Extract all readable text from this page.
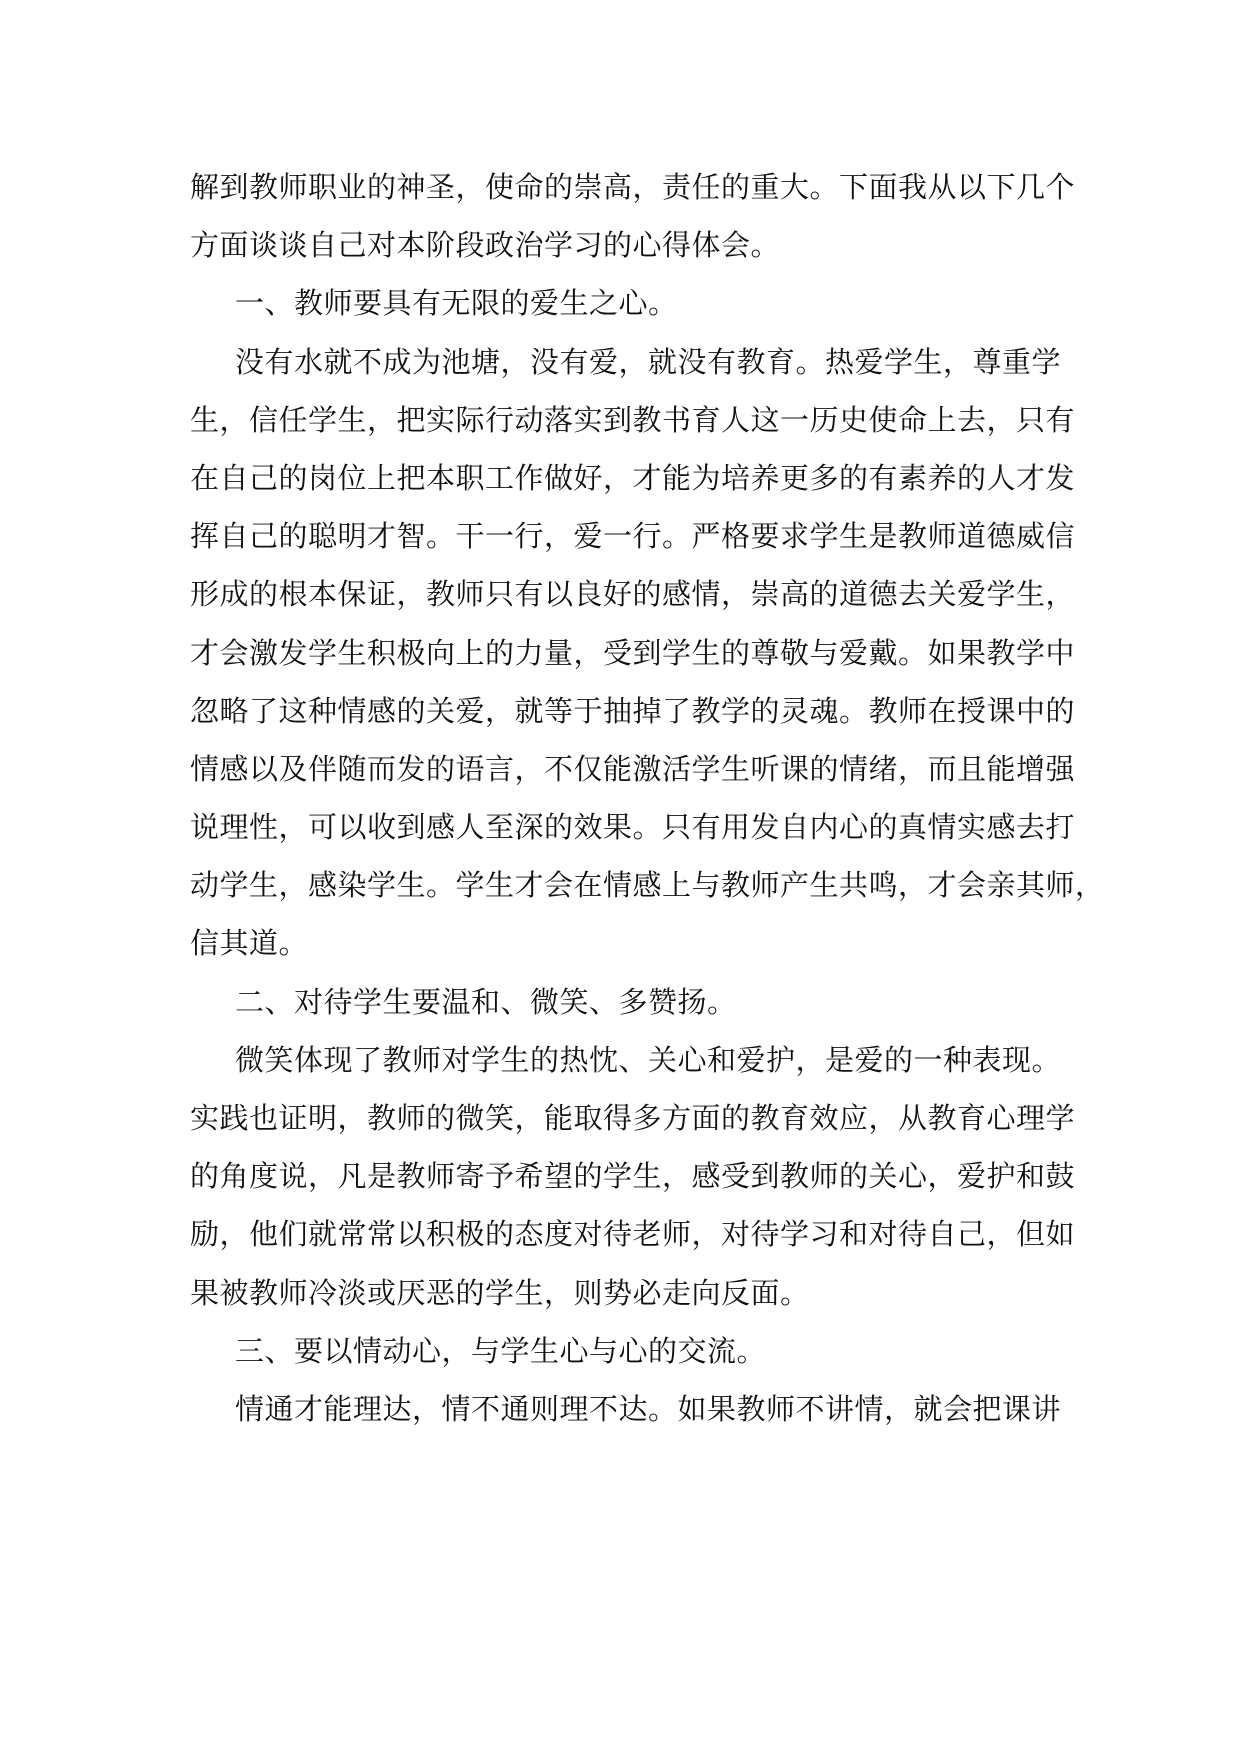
解到教师职业的神圣，使命的崇高，责任的重大。下面我从以下几个
方面谈谈自己对本阶段政治学习的心得体会。
一、教师要具有无限的爱生之心。
没有水就不成为池塘，没有爱，就没有教育。热爱学生，尊重学
生，信任学生，把实际行动落实到教书育人这一历史使命上去，只有
在自己的岗位上把本职工作做好，才能为培养更多的有素养的人才发
挥自己的聪明才智。干一行，爱一行。严格要求学生是教师道德威信
形成的根本保证，教师只有以良好的感情，崇高的道德去关爱学生，
才会激发学生积极向上的力量，受到学生的尊敬与爱戴。如果教学中
忽略了这种情感的关爱，就等于抽掉了教学的灵魂。教师在授课中的
情感以及伴随而发的语言，不仅能激活学生听课的情绪，而且能增强
说理性，可以收到感人至深的效果。只有用发自内心的真情实感去打
动学生，感染学生。学生才会在情感上与教师产生共鸣，才会亲其师，
信其道。
二、对待学生要温和、微笑、多赞扬。
微笑体现了教师对学生的热忱、关心和爱护，是爱的一种表现。
实践也证明，教师的微笑，能取得多方面的教育效应，从教育心理学
的角度说，凡是教师寄予希望的学生，感受到教师的关心，爱护和鼓
励，他们就常常以积极的态度对待老师，对待学习和对待自己，但如
果被教师冷淡或厌恶的学生，则势必走向反面。
三、要以情动心，与学生心与心的交流。
情通才能理达，情不通则理不达。如果教师不讲情，就会把课讲
